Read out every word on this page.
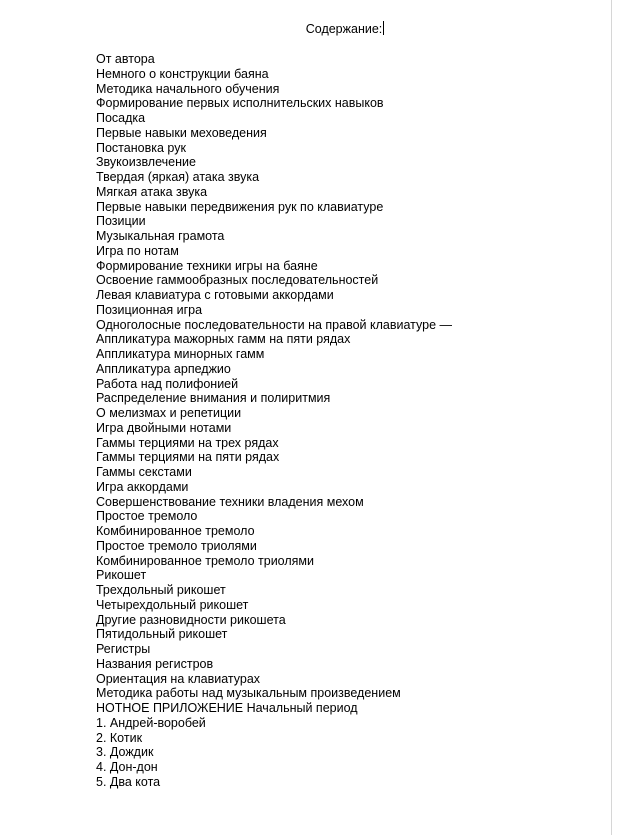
Содержание:
От автора
Немного о конструкции баяна
Методика начального обучения
Формирование первых исполнительских навыков
Посадка
Первые навыки меховедения
Постановка рук
Звукоизвлечение
Твердая (яркая) атака звука
Мягкая атака звука
Первые навыки передвижения рук по клавиатуре
Позиции
Музыкальная грамота
Игра по нотам
Формирование техники игры на баяне
Освоение гаммообразных последовательностей
Левая клавиатура с готовыми аккордами
Позиционная игра
Одноголосные последовательности на правой клавиатуре —
Аппликатура мажорных гамм на пяти рядах
Аппликатура минорных гамм
Аппликатура арпеджио
Работа над полифонией
Распределение внимания и полиритмия
О мелизмах и репетиции
Игра двойными нотами
Гаммы терциями на трех рядах
Гаммы терциями на пяти рядах
Гаммы секстами
Игра аккордами
Совершенствование техники владения мехом
Простое тремоло
Комбинированное тремоло
Простое тремоло триолями
Комбинированное тремоло триолями
Рикошет
Трехдольный рикошет
Четырехдольный рикошет
Другие разновидности рикошета
Пятидольный рикошет
Регистры
Названия регистров
Ориентация на клавиатурах
Методика работы над музыкальным произведением
НОТНОЕ ПРИЛОЖЕНИЕ Начальный период
1. Андрей-воробей
2. Котик
3. Дождик
4. Дон-дон
5. Два кота
